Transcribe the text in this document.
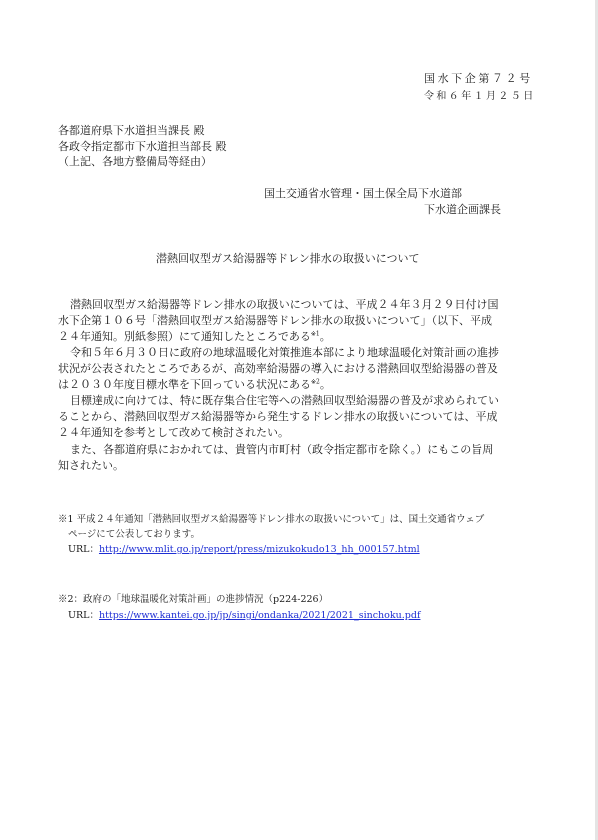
国水下企第７２号
令和６年１月２５日
各都道府県下水道担当課長 殿
各政令指定都市下水道担当部長 殿
（上記、各地方整備局等経由）
国土交通省水管理・国土保全局下水道部
下水道企画課長
潜熱回収型ガス給湯器等ドレン排水の取扱いについて
潜熱回収型ガス給湯器等ドレン排水の取扱いについては、平成２４年３月２９日付け国
水下企第１０６号「潜熱回収型ガス給湯器等ドレン排水の取扱いについて」（以下、平成
２４年通知。別紙参照）にて通知したところである$^{※1}$。
令和５年６月３０日に政府の地球温暖化対策推進本部により地球温暖化対策計画の進捗
状況が公表されたところであるが、高効率給湯器の導入における潜熱回収型給湯器の普及
は２０３０年度目標水準を下回っている状況にある$^{※2}$。
目標達成に向けては、特に既存集合住宅等への潜熱回収型給湯器の普及が求められてい
ることから、潜熱回収型ガス給湯器等から発生するドレン排水の取扱いについては、平成
２４年通知を参考として改めて検討されたい。
また、各都道府県におかれては、貴管内市町村（政令指定都市を除く。）にもこの旨周
知されたい。
※1 平成２４年通知「潜熱回収型ガス給湯器等ドレン排水の取扱いについて」は、国土交通省ウェブ
ページにて公表しております。
URL：http://www.mlit.go.jp/report/press/mizukokudo13_hh_000157.html
※2：政府の「地球温暖化対策計画」の進捗情況（p224-226）
URL：https://www.kantei.go.jp/jp/singi/ondanka/2021/2021_sinchoku.pdf
